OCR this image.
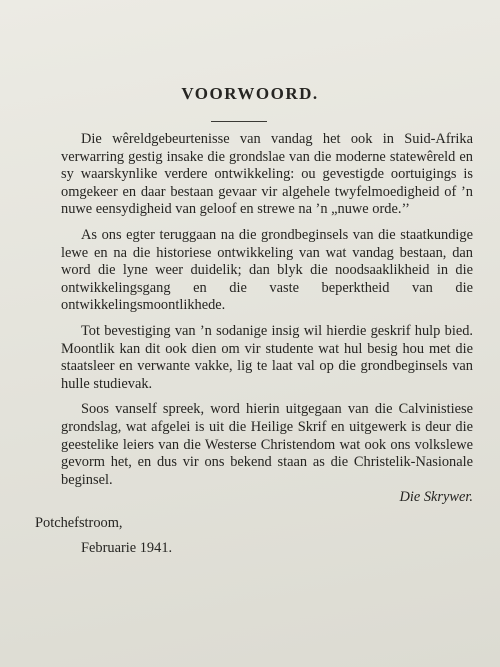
VOORWOORD.

Die wêreldgebeurtenisse van vandag het ook in Suid-Afrika verwarring gestig insake die grondslae van die moderne statewêreld en sy waarskynlike verdere ontwikkeling: ou gevestigde oortuigings is omgekeer en daar bestaan gevaar vir algehele twyfelmoedigheid of ’n nuwe eensydigheid van geloof en strewe na ’n „nuwe orde.’’

As ons egter teruggaan na die grondbeginsels van die staatkundige lewe en na die historiese ontwikkeling van wat vandag bestaan, dan word die lyne weer duidelik; dan blyk die noodsaaklikheid in die ontwikkelingsgang en die vaste beperktheid van die ontwikkelingsmoontlikhede.

Tot bevestiging van ’n sodanige insig wil hierdie geskrif hulp bied. Moontlik kan dit ook dien om vir studente wat hul besig hou met die staatsleer en verwante vakke, lig te laat val op die grondbeginsels van hulle studievak.

Soos vanself spreek, word hierin uitgegaan van die Calvinistiese grondslag, wat afgelei is uit die Heilige Skrif en uitgewerk is deur die geestelike leiers van die Westerse Christendom wat ook ons volkslewe gevorm het, en dus vir ons bekend staan as die Christelik-Nasionale beginsel.

Die Skrywer.

Potchefstroom,

Februarie 1941.
